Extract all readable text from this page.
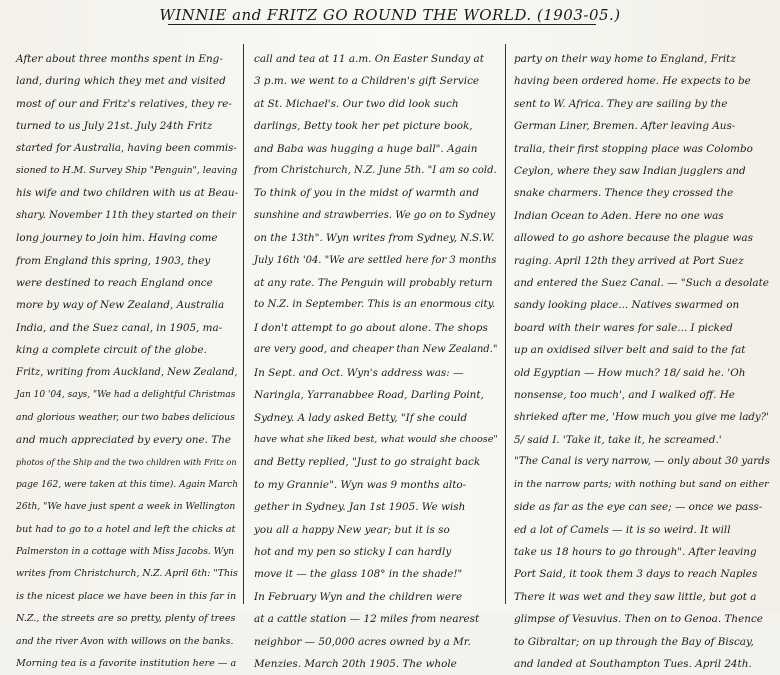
WINNIE and FRITZ GO ROUND THE WORLD. (1903-05.)
After about three months spent in Eng-
land, during which they met and visited
most of our and Fritz's relatives, they re-
turned to us July 21st. July 24th Fritz
started for Australia, having been commis-
sioned to H.M. Survey Ship "Penguin", leaving
his wife and two children with us at Beau-
shary. November 11th they started on their
long journey to join him. Having come
from England this spring, 1903, they
were destined to reach England once
more by way of New Zealand, Australia
India, and the Suez canal, in 1905, ma-
king a complete circuit of the globe.
Fritz, writing from Auckland, New Zealand,
Jan 10 '04, says, "We had a delightful Christmas
and glorious weather, our two babes delicious
and much appreciated by every one. The
photos of the Ship and the two children with Fritz on
page 162, were taken at this time). Again March
26th, "We have just spent a week in Wellington
but had to go to a hotel and left the chicks at
Palmerston in a cottage with Miss Jacobs. Wyn
writes from Christchurch, N.Z. April 6th: "This
is the nicest place we have been in this far in
N.Z., the streets are so pretty, plenty of trees
and the river Avon with willows on the banks.
Morning tea is a favorite institution here — a
call and tea at 11 a.m. On Easter Sunday at
3 p.m. we went to a Children's gift Service
at St. Michael's. Our two did look such
darlings, Betty took her pet picture book,
and Baba was hugging a huge ball". Again
from Christchurch, N.Z. June 5th. "I am so cold.
To think of you in the midst of warmth and
sunshine and strawberries. We go on to Sydney
on the 13th". Wyn writes from Sydney, N.S.W.
July 16th '04. "We are settled here for 3 months
at any rate. The Penguin will probably return
to N.Z. in September. This is an enormous city.
I don't attempt to go about alone. The shops
are very good, and cheaper than New Zealand."
In Sept. and Oct. Wyn's address was: —
Naringla, Yarranabbee Road, Darling Point,
Sydney. A lady asked Betty, "If she could
have what she liked best, what would she choose"
and Betty replied, "Just to go straight back
to my Grannie". Wyn was 9 months alto-
gether in Sydney. Jan 1st 1905. We wish
you all a happy New year; but it is so
hot and my pen so sticky I can hardly
move it — the glass 108° in the shade!"
In February Wyn and the children were
at a cattle station — 12 miles from nearest
neighbor — 50,000 acres owned by a Mr.
Menzies. March 20th 1905. The whole
party on their way home to England, Fritz
having been ordered home. He expects to be
sent to W. Africa. They are sailing by the
German Liner, Bremen. After leaving Aus-
tralia, their first stopping place was Colombo
Ceylon, where they saw Indian jugglers and
snake charmers. Thence they crossed the
Indian Ocean to Aden. Here no one was
allowed to go ashore because the plague was
raging. April 12th they arrived at Port Suez
and entered the Suez Canal. — "Such a desolate
sandy looking place... Natives swarmed on
board with their wares for sale... I picked
up an oxidised silver belt and said to the fat
old Egyptian — How much? 18/ said he. 'Oh
nonsense, too much', and I walked off. He
shrieked after me, 'How much you give me lady?'
5/ said I. 'Take it, take it, he screamed.'
"The Canal is very narrow, — only about 30 yards
in the narrow parts; with nothing but sand on either
side as far as the eye can see; — once we pass-
ed a lot of Camels — it is so weird. It will
take us 18 hours to go through". After leaving
Port Said, it took them 3 days to reach Naples
There it was wet and they saw little, but got a
glimpse of Vesuvius. Then on to Genoa. Thence
to Gibraltar; on up through the Bay of Biscay,
and landed at Southampton Tues. April 24th.
